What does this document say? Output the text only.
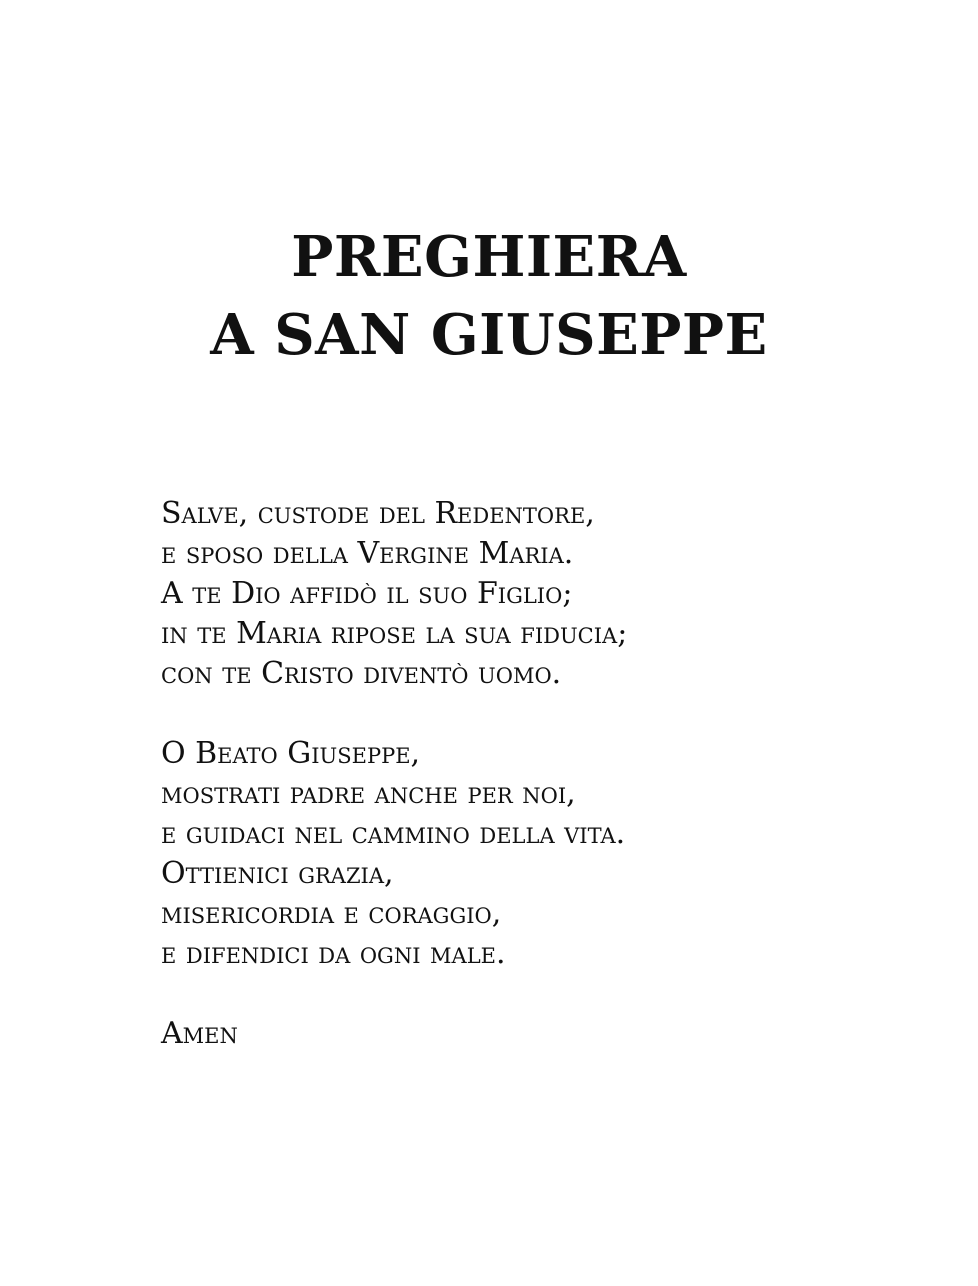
PREGHIERA
A SAN GIUSEPPE

Salve, custode del Redentore,
e sposo della Vergine Maria.
A te Dio affidò il suo Figlio;
in te Maria ripose la sua fiducia;
con te Cristo diventò uomo.

O Beato Giuseppe,
mostrati padre anche per noi,
e guidaci nel cammino della vita.
Ottienici grazia,
misericordia e coraggio,
e difendici da ogni male.

Amen
